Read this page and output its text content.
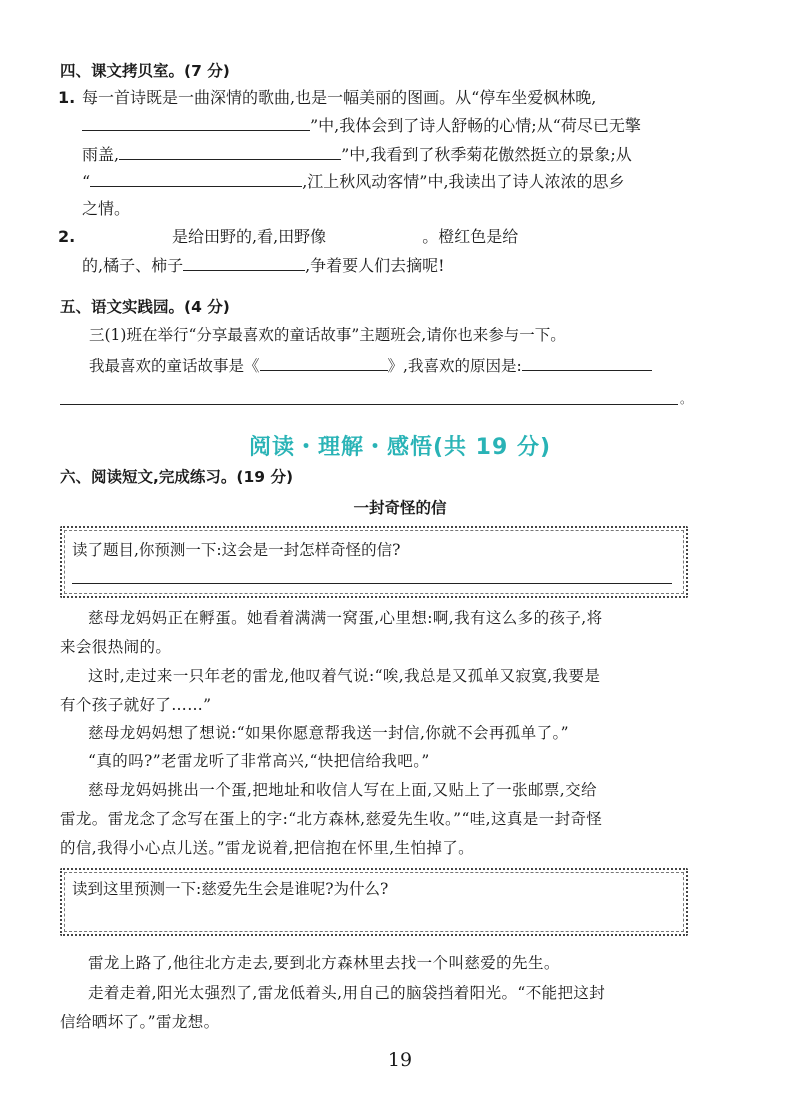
四、课文拷贝室。(7 分)
1. 每一首诗既是一曲深情的歌曲,也是一幅美丽的图画。从“停车坐爱枫林晚,
”中,我体会到了诗人舒畅的心情;从“荷尽已无擎
雨盖,	”中,我看到了秋季菊花傲然挺立的景象;从
“	,江上秋风动客情”中,我读出了诗人浓浓的思乡
之情。
2.	是给田野的,看,田野像	。橙红色是给
的,橘子、柿子	,争着要人们去摘呢!
五、语文实践园。(4 分)
三(1)班在举行“分享最喜欢的童话故事”主题班会,请你也来参与一下。
我最喜欢的童话故事是《	》,我喜欢的原因是:
。
阅读・理解・感悟(共 19 分)
六、阅读短文,完成练习。(19 分)
一封奇怪的信
读了题目,你预测一下:这会是一封怎样奇怪的信?
慈母龙妈妈正在孵蛋。她看着满满一窝蛋,心里想:啊,我有这么多的孩子,将
来会很热闹的。
这时,走过来一只年老的雷龙,他叹着气说:“唉,我总是又孤单又寂寞,我要是
有个孩子就好了……”
慈母龙妈妈想了想说:“如果你愿意帮我送一封信,你就不会再孤单了。”
“真的吗?”老雷龙听了非常高兴,“快把信给我吧。”
慈母龙妈妈挑出一个蛋,把地址和收信人写在上面,又贴上了一张邮票,交给
雷龙。雷龙念了念写在蛋上的字:“北方森林,慈爱先生收。”“哇,这真是一封奇怪
的信,我得小心点儿送。”雷龙说着,把信抱在怀里,生怕掉了。
读到这里预测一下:慈爱先生会是谁呢?为什么?
雷龙上路了,他往北方走去,要到北方森林里去找一个叫慈爱的先生。
走着走着,阳光太强烈了,雷龙低着头,用自己的脑袋挡着阳光。“不能把这封
信给晒坏了。”雷龙想。
19
